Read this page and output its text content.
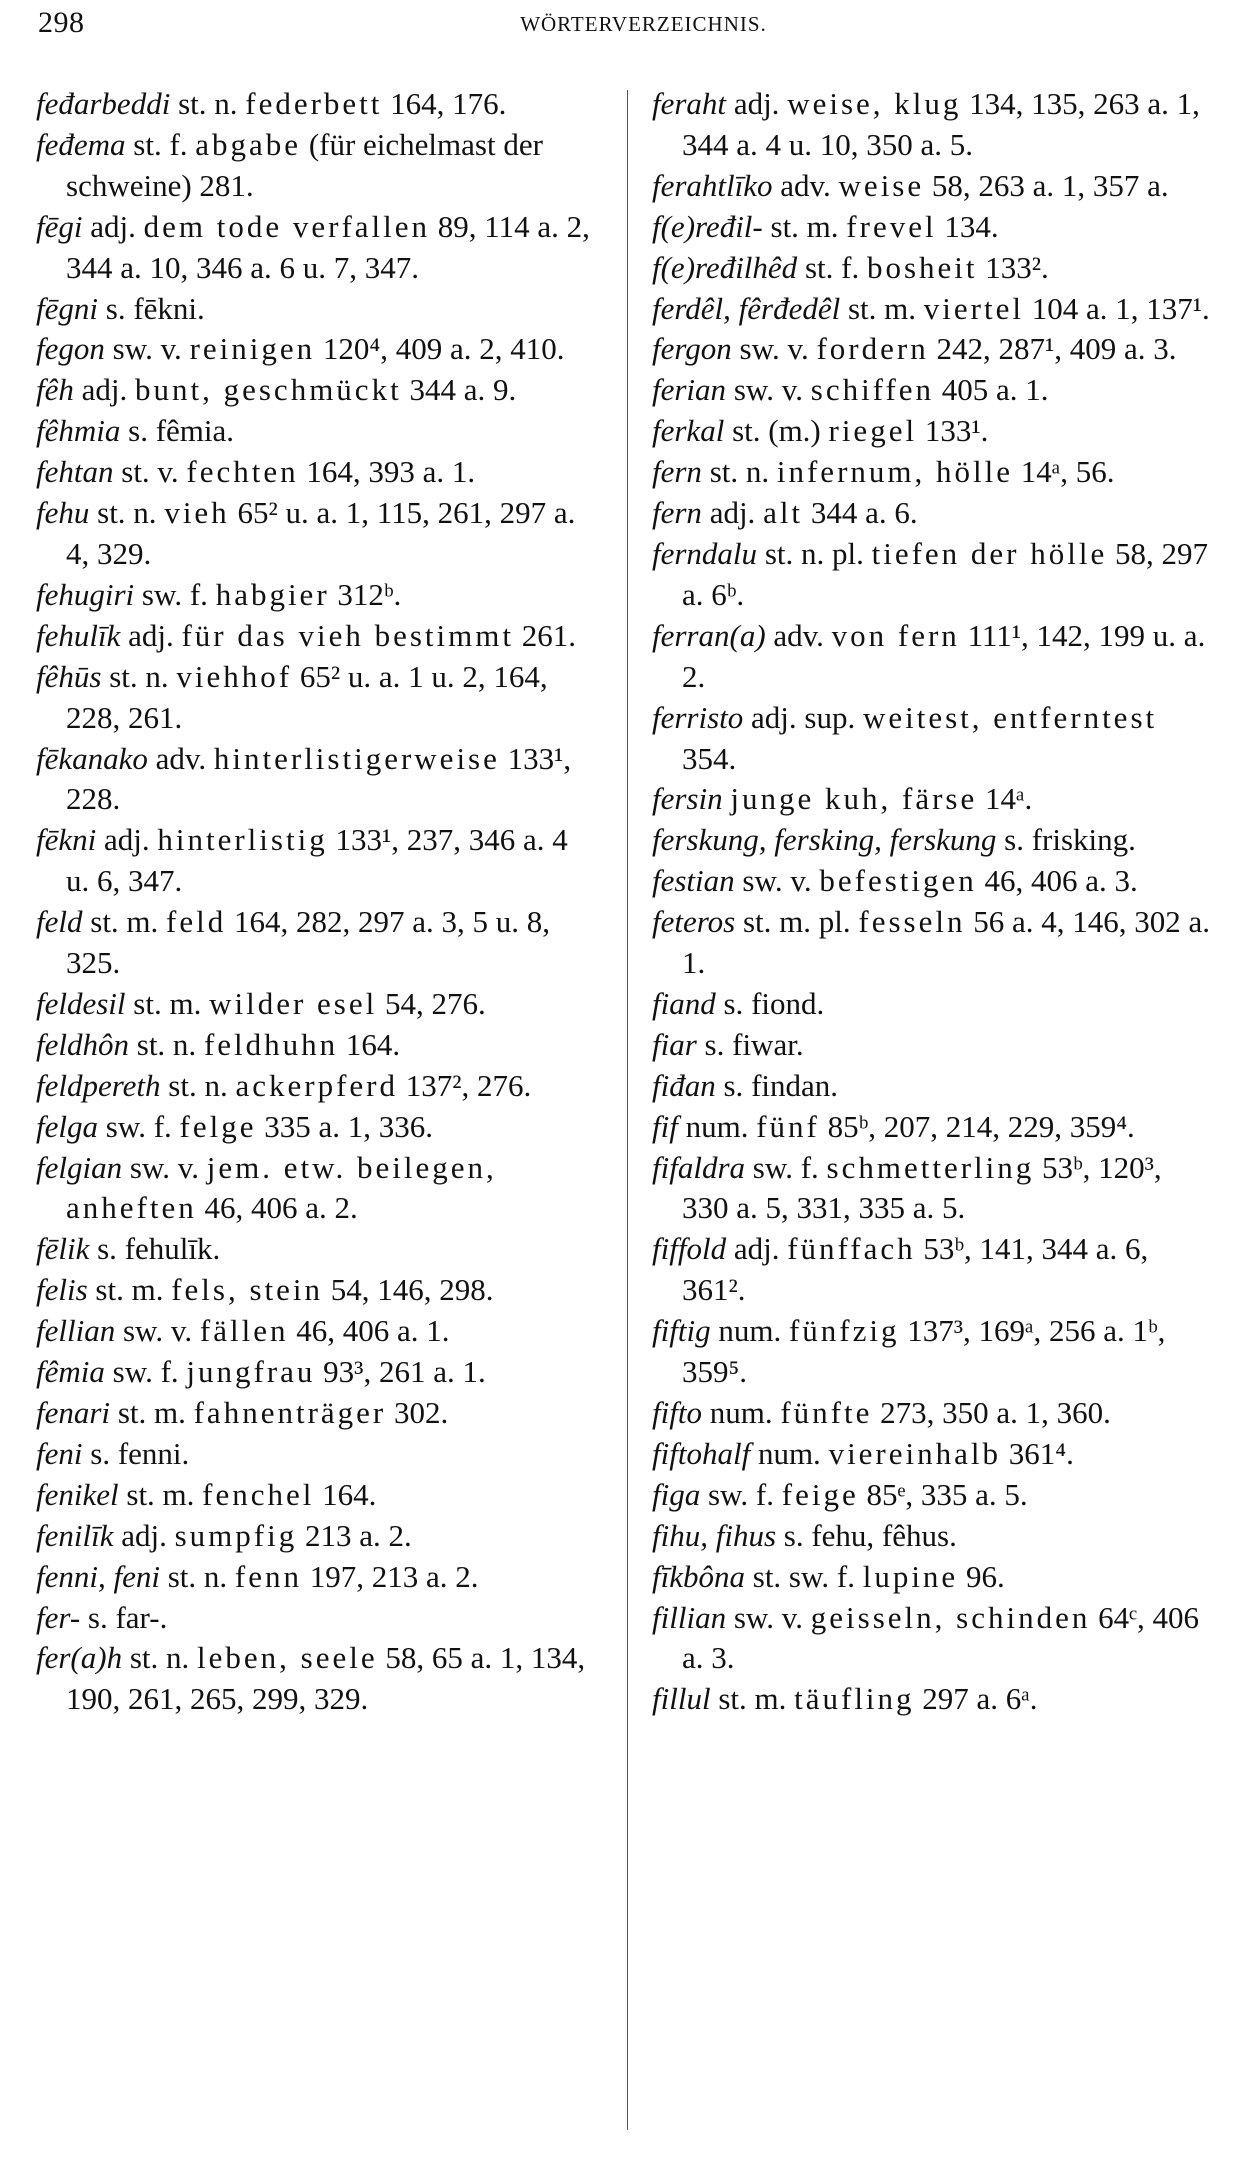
298	WÖRTERVERZEICHNIS.

feđarbeddi st. n. federbett 164, 176.

feđema st. f. abgabe (für eichelmast der schweine) 281.

fēgi adj. dem tode verfallen 89, 114 a. 2, 344 a. 10, 346 a. 6 u. 7, 347.

fēgni s. fēkni.

fegon sw. v. reinigen 120⁴, 409 a. 2, 410.

fêh adj. bunt, geschmückt 344 a. 9.

fêhmia s. fêmia.

fehtan st. v. fechten 164, 393 a. 1.

fehu st. n. vieh 65² u. a. 1, 115, 261, 297 a. 4, 329.

fehugiri sw. f. habgier 312ᵇ.

fehulīk adj. für das vieh bestimmt 261.

fêhūs st. n. viehhof 65² u. a. 1 u. 2, 164, 228, 261.

fēkanako adv. hinterlistigerweise 133¹, 228.

fēkni adj. hinterlistig 133¹, 237, 346 a. 4 u. 6, 347.

feld st. m. feld 164, 282, 297 a. 3, 5 u. 8, 325.

feldesil st. m. wilder esel 54, 276.

feldhôn st. n. feldhuhn 164.

feldpereth st. n. ackerpferd 137², 276.

felga sw. f. felge 335 a. 1, 336.

felgian sw. v. jem. etw. beilegen, anheften 46, 406 a. 2.

fēlik s. fehulīk.

felis st. m. fels, stein 54, 146, 298.

fellian sw. v. fällen 46, 406 a. 1.

fêmia sw. f. jungfrau 93³, 261 a. 1.

fenari st. m. fahnenträger 302.

feni s. fenni.

fenikel st. m. fenchel 164.

fenilīk adj. sumpfig 213 a. 2.

fenni, feni st. n. fenn 197, 213 a. 2.

fer- s. far-.

fer(a)h st. n. leben, seele 58, 65 a. 1, 134, 190, 261, 265, 299, 329.

feraht adj. weise, klug 134, 135, 263 a. 1, 344 a. 4 u. 10, 350 a. 5.

ferahtlīko adv. weise 58, 263 a. 1, 357 a.

f(e)ređil- st. m. frevel 134.

f(e)ređilhêd st. f. bosheit 133².

ferdêl, fêrđedêl st. m. viertel 104 a. 1, 137¹.

fergon sw. v. fordern 242, 287¹, 409 a. 3.

ferian sw. v. schiffen 405 a. 1.

ferkal st. (m.) riegel 133¹.

fern st. n. infernum, hölle 14ᵃ, 56.

fern adj. alt 344 a. 6.

ferndalu st. n. pl. tiefen der hölle 58, 297 a. 6ᵇ.

ferran(a) adv. von fern 111¹, 142, 199 u. a. 2.

ferristo adj. sup. weitest, entferntest 354.

fersin junge kuh, färse 14ᵃ.

ferskung, fersking, ferskung s. frisking.

festian sw. v. befestigen 46, 406 a. 3.

feteros st. m. pl. fesseln 56 a. 4, 146, 302 a. 1.

fiand s. fiond.

fiar s. fiwar.

fiđan s. findan.

fif num. fünf 85ᵇ, 207, 214, 229, 359⁴.

fifaldra sw. f. schmetterling 53ᵇ, 120³, 330 a. 5, 331, 335 a. 5.

fiffold adj. fünffach 53ᵇ, 141, 344 a. 6, 361².

fiftig num. fünfzig 137³, 169ᵃ, 256 a. 1ᵇ, 359⁵.

fifto num. fünfte 273, 350 a. 1, 360.

fiftohalf num. viereinhalb 361⁴.

figa sw. f. feige 85ᵉ, 335 a. 5.

fihu, fihus s. fehu, fêhus.

fīkbôna st. sw. f. lupine 96.

fillian sw. v. geisseln, schinden 64ᶜ, 406 a. 3.

fillul st. m. täufling 297 a. 6ᵃ.
